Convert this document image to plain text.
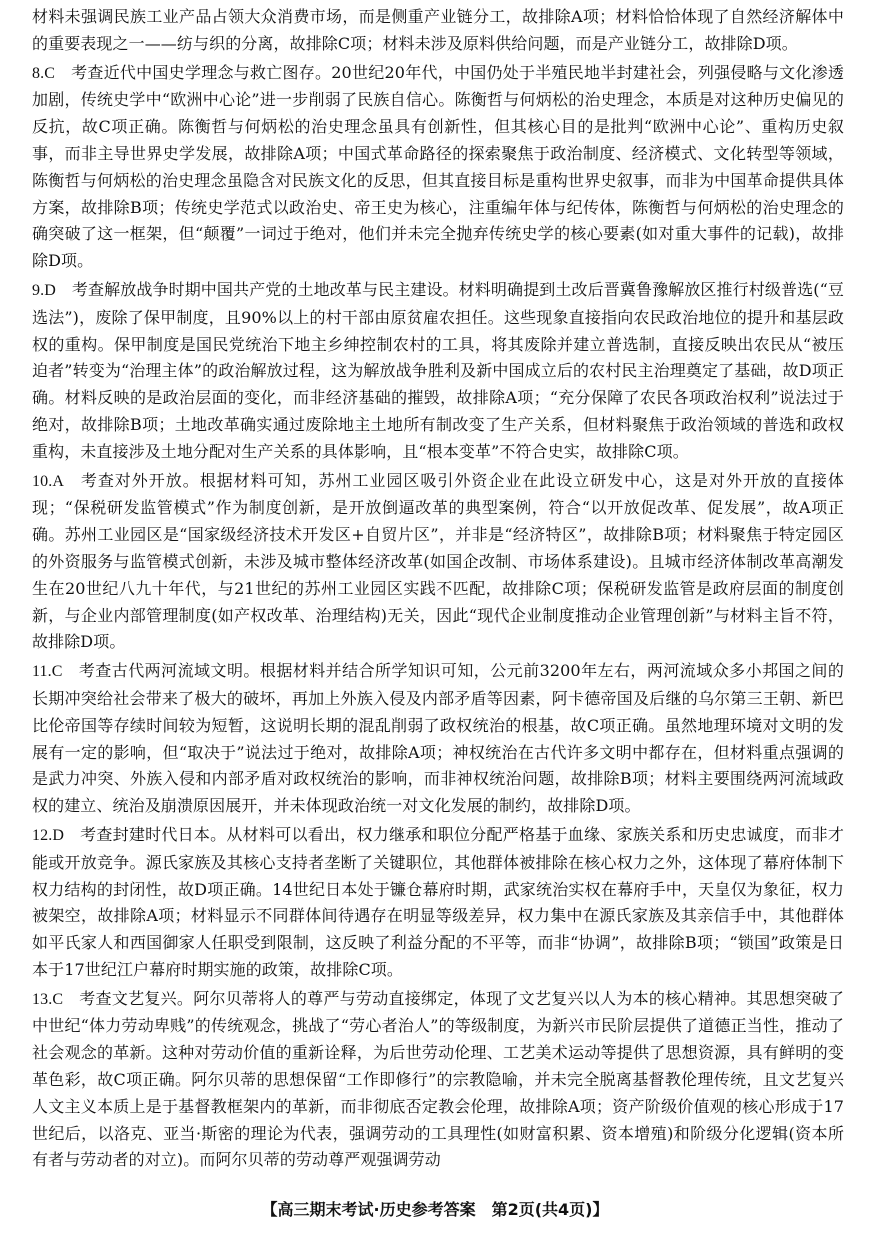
材料未强调民族工业产品占领大众消费市场，而是侧重产业链分工，故排除A项；材料恰恰体现了自然经济解体中的重要表现之一——纺与织的分离，故排除C项；材料未涉及原料供给问题，而是产业链分工，故排除D项。

8.C 考查近代中国史学理念与救亡图存。20世纪20年代，中国仍处于半殖民地半封建社会，列强侵略与文化渗透加剧，传统史学中“欧洲中心论”进一步削弱了民族自信心。陈衡哲与何炳松的治史理念，本质是对这种历史偏见的反抗，故C项正确。陈衡哲与何炳松的治史理念虽具有创新性，但其核心目的是批判“欧洲中心论”、重构历史叙事，而非主导世界史学发展，故排除A项；中国式革命路径的探索聚焦于政治制度、经济模式、文化转型等领域，陈衡哲与何炳松的治史理念虽隐含对民族文化的反思，但其直接目标是重构世界史叙事，而非为中国革命提供具体方案，故排除B项；传统史学范式以政治史、帝王史为核心，注重编年体与纪传体，陈衡哲与何炳松的治史理念的确突破了这一框架，但“颠覆”一词过于绝对，他们并未完全抛弃传统史学的核心要素(如对重大事件的记载)，故排除D项。

9.D 考查解放战争时期中国共产党的土地改革与民主建设。材料明确提到土改后晋冀鲁豫解放区推行村级普选(“豆选法”)，废除了保甲制度，且90%以上的村干部由原贫雇农担任。这些现象直接指向农民政治地位的提升和基层政权的重构。保甲制度是国民党统治下地主乡绅控制农村的工具，将其废除并建立普选制，直接反映出农民从“被压迫者”转变为“治理主体”的政治解放过程，这为解放战争胜利及新中国成立后的农村民主治理奠定了基础，故D项正确。材料反映的是政治层面的变化，而非经济基础的摧毁，故排除A项；“充分保障了农民各项政治权利”说法过于绝对，故排除B项；土地改革确实通过废除地主土地所有制改变了生产关系，但材料聚焦于政治领域的普选和政权重构，未直接涉及土地分配对生产关系的具体影响，且“根本变革”不符合史实，故排除C项。

10.A 考查对外开放。根据材料可知，苏州工业园区吸引外资企业在此设立研发中心，这是对外开放的直接体现；“保税研发监管模式”作为制度创新，是开放倒逼改革的典型案例，符合“以开放促改革、促发展”，故A项正确。苏州工业园区是“国家级经济技术开发区+自贸片区”，并非是“经济特区”，故排除B项；材料聚焦于特定园区的外资服务与监管模式创新，未涉及城市整体经济改革(如国企改制、市场体系建设)。且城市经济体制改革高潮发生在20世纪八九十年代，与21世纪的苏州工业园区实践不匹配，故排除C项；保税研发监管是政府层面的制度创新，与企业内部管理制度(如产权改革、治理结构)无关，因此“现代企业制度推动企业管理创新”与材料主旨不符，故排除D项。

11.C 考查古代两河流域文明。根据材料并结合所学知识可知，公元前3200年左右，两河流域众多小邦国之间的长期冲突给社会带来了极大的破坏，再加上外族入侵及内部矛盾等因素，阿卡德帝国及后继的乌尔第三王朝、新巴比伦帝国等存续时间较为短暂，这说明长期的混乱削弱了政权统治的根基，故C项正确。虽然地理环境对文明的发展有一定的影响，但“取决于”说法过于绝对，故排除A项；神权统治在古代许多文明中都存在，但材料重点强调的是武力冲突、外族入侵和内部矛盾对政权统治的影响，而非神权统治问题，故排除B项；材料主要围绕两河流域政权的建立、统治及崩溃原因展开，并未体现政治统一对文化发展的制约，故排除D项。

12.D 考查封建时代日本。从材料可以看出，权力继承和职位分配严格基于血缘、家族关系和历史忠诚度，而非才能或开放竞争。源氏家族及其核心支持者垄断了关键职位，其他群体被排除在核心权力之外，这体现了幕府体制下权力结构的封闭性，故D项正确。14世纪日本处于镰仓幕府时期，武家统治实权在幕府手中，天皇仅为象征，权力被架空，故排除A项；材料显示不同群体间待遇存在明显等级差异，权力集中在源氏家族及其亲信手中，其他群体如平氏家人和西国御家人任职受到限制，这反映了利益分配的不平等，而非“协调”，故排除B项；“锁国”政策是日本于17世纪江户幕府时期实施的政策，故排除C项。

13.C 考查文艺复兴。阿尔贝蒂将人的尊严与劳动直接绑定，体现了文艺复兴以人为本的核心精神。其思想突破了中世纪“体力劳动卑贱”的传统观念，挑战了“劳心者治人”的等级制度，为新兴市民阶层提供了道德正当性，推动了社会观念的革新。这种对劳动价值的重新诠释，为后世劳动伦理、工艺美术运动等提供了思想资源，具有鲜明的变革色彩，故C项正确。阿尔贝蒂的思想保留“工作即修行”的宗教隐喻，并未完全脱离基督教伦理传统，且文艺复兴人文主义本质上是于基督教框架内的革新，而非彻底否定教会伦理，故排除A项；资产阶级价值观的核心形成于17世纪后，以洛克、亚当·斯密的理论为代表，强调劳动的工具理性(如财富积累、资本增殖)和阶级分化逻辑(资本所有者与劳动者的对立)。而阿尔贝蒂的劳动尊严观强调劳动

【高三期末考试·历史参考答案　第2页(共4页)】
